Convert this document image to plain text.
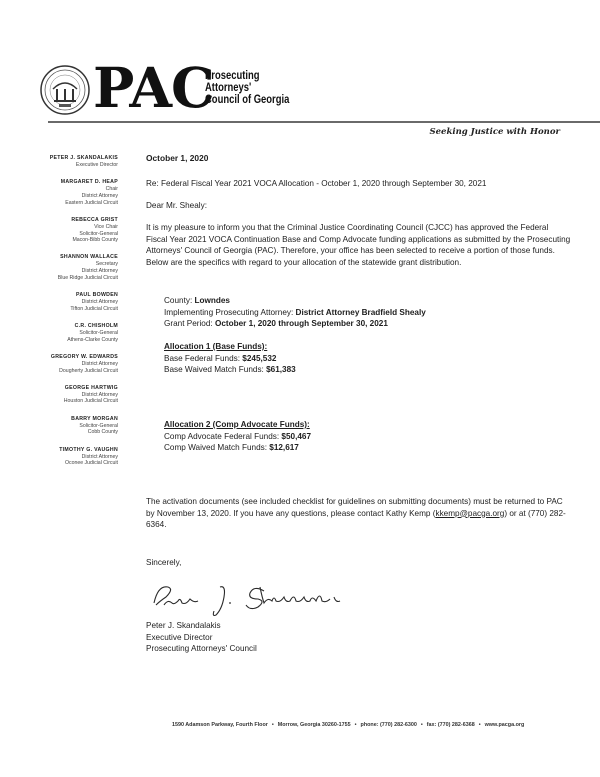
PAC
Prosecuting
Attorneys'
Council of Georgia
Seeking Justice with Honor
PETER J. SKANDALAKIS
Executive Director
MARGARET D. HEAP
Chair
District Attorney
Eastern Judicial Circuit
REBECCA GRIST
Vice Chair
Solicitor-General
Macon-Bibb County
SHANNON WALLACE
Secretary
District Attorney
Blue Ridge Judicial Circuit
PAUL BOWDEN
District Attorney
Tifton Judicial Circuit
C.R. CHISHOLM
Solicitor-General
Athens-Clarke County
GREGORY W. EDWARDS
District Attorney
Dougherty Judicial Circuit
GEORGE HARTWIG
District Attorney
Houston Judicial Circuit
BARRY MORGAN
Solicitor-General
Cobb County
TIMOTHY G. VAUGHN
District Attorney
Oconee Judicial Circuit
October 1, 2020
Re: Federal Fiscal Year 2021 VOCA Allocation - October 1, 2020 through September 30, 2021
Dear Mr. Shealy:
It is my pleasure to inform you that the Criminal Justice Coordinating Council (CJCC) has approved the Federal Fiscal Year 2021 VOCA Continuation Base and Comp Advocate funding applications as submitted by the Prosecuting Attorneys' Council of Georgia (PAC). Therefore, your office has been selected to receive a portion of those funds. Below are the specifics with regard to your allocation of the statewide grant distribution.
County: Lowndes
Implementing Prosecuting Attorney: District Attorney Bradfield Shealy
Grant Period: October 1, 2020 through September 30, 2021
Allocation 1 (Base Funds):
Base Federal Funds: $245,532
Base Waived Match Funds: $61,383
Allocation 2 (Comp Advocate Funds):
Comp Advocate Federal Funds: $50,467
Comp Waived Match Funds: $12,617
The activation documents (see included checklist for guidelines on submitting documents) must be returned to PAC by November 13, 2020. If you have any questions, please contact Kathy Kemp (kkemp@pacga.org) or at (770) 282-6364.
Sincerely,
Peter J. Skandalakis
Executive Director
Prosecuting Attorneys' Council
1590 Adamson Parkway, Fourth Floor • Morrow, Georgia 30260-1755 • phone: (770) 282-6300 • fax: (770) 282-6368 • www.pacga.org
